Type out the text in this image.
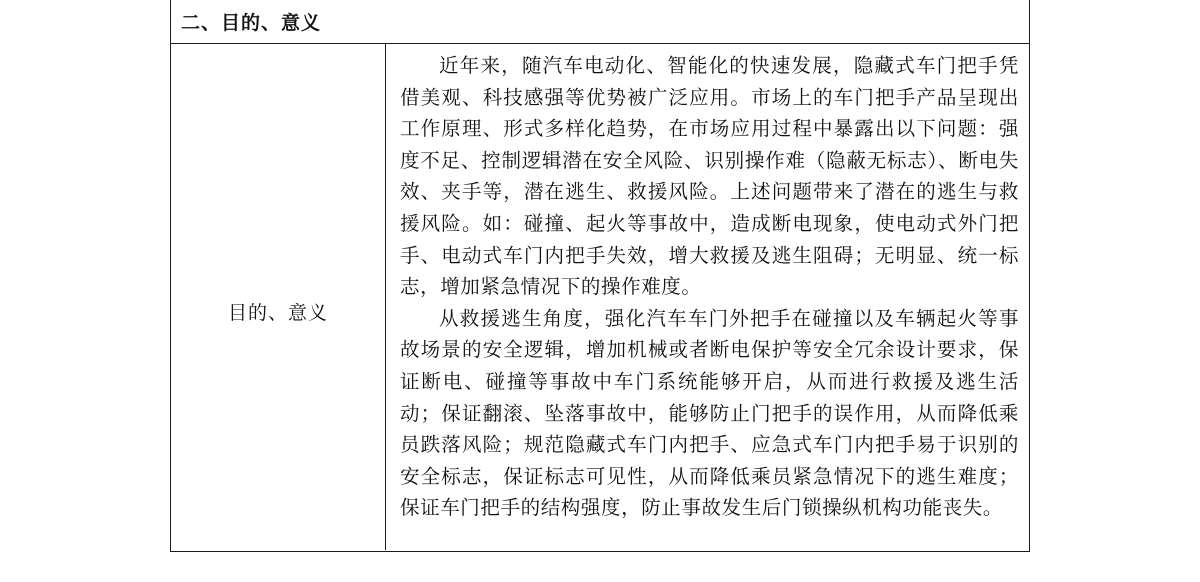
二、目的、意义
目的、意义

近年来，随汽车电动化、智能化的快速发展，隐藏式车门把手凭借美观、科技感强等优势被广泛应用。市场上的车门把手产品呈现出工作原理、形式多样化趋势，在市场应用过程中暴露出以下问题：强度不足、控制逻辑潜在安全风险、识别操作难（隐蔽无标志）、断电失效、夹手等，潜在逃生、救援风险。上述问题带来了潜在的逃生与救援风险。如：碰撞、起火等事故中，造成断电现象，使电动式外门把手、电动式车门内把手失效，增大救援及逃生阻碍；无明显、统一标志，增加紧急情况下的操作难度。

从救援逃生角度，强化汽车车门外把手在碰撞以及车辆起火等事故场景的安全逻辑，增加机械或者断电保护等安全冗余设计要求，保证断电、碰撞等事故中车门系统能够开启，从而进行救援及逃生活动；保证翻滚、坠落事故中，能够防止门把手的误作用，从而降低乘员跌落风险；规范隐藏式车门内把手、应急式车门内把手易于识别的安全标志，保证标志可见性，从而降低乘员紧急情况下的逃生难度；保证车门把手的结构强度，防止事故发生后门锁操纵机构功能丧失。
